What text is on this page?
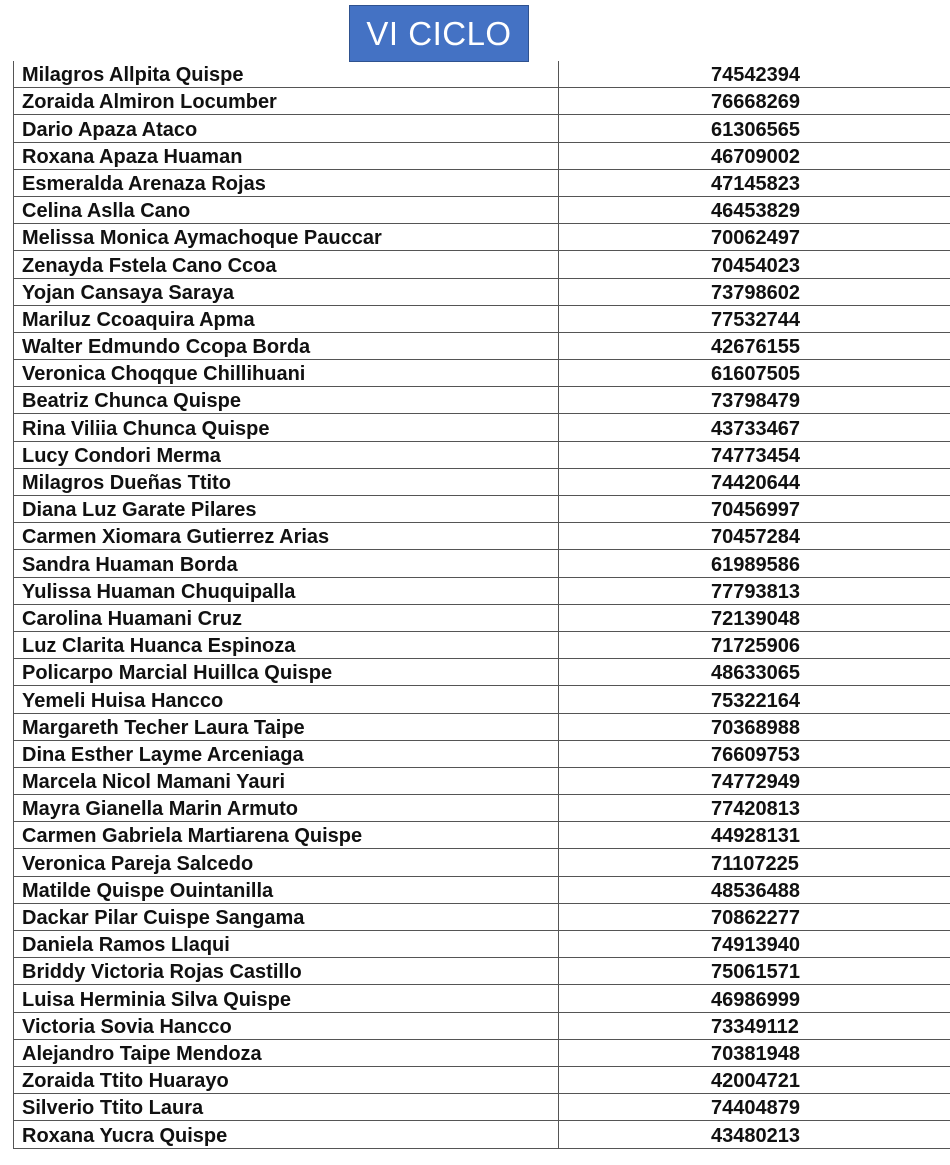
VI CICLO
Milagros Allpita Quispe	74542394
Zoraida Almiron Locumber	76668269
Dario Apaza Ataco	61306565
Roxana Apaza Huaman	46709002
Esmeralda Arenaza Rojas	47145823
Celina Aslla Cano	46453829
Melissa Monica Aymachoque Pauccar	70062497
Zenayda Fstela Cano Ccoa	70454023
Yojan Cansaya Saraya	73798602
Mariluz Ccoaquira Apma	77532744
Walter Edmundo Ccopa Borda	42676155
Veronica Choqque Chillihuani	61607505
Beatriz Chunca Quispe	73798479
Rina Viliia Chunca Quispe	43733467
Lucy Condori Merma	74773454
Milagros Dueñas Ttito	74420644
Diana Luz Garate Pilares	70456997
Carmen Xiomara Gutierrez Arias	70457284
Sandra Huaman Borda	61989586
Yulissa Huaman Chuquipalla	77793813
Carolina Huamani Cruz	72139048
Luz Clarita Huanca Espinoza	71725906
Policarpo Marcial Huillca Quispe	48633065
Yemeli Huisa Hancco	75322164
Margareth Techer Laura Taipe	70368988
Dina Esther Layme Arceniaga	76609753
Marcela Nicol Mamani Yauri	74772949
Mayra Gianella Marin Armuto	77420813
Carmen Gabriela Martiarena Quispe	44928131
Veronica Pareja Salcedo	71107225
Matilde Quispe Ouintanilla	48536488
Dackar Pilar Cuispe Sangama	70862277
Daniela Ramos Llaqui	74913940
Briddy Victoria Rojas Castillo	75061571
Luisa Herminia Silva Quispe	46986999
Victoria Sovia Hancco	73349112
Alejandro Taipe Mendoza	70381948
Zoraida Ttito Huarayo	42004721
Silverio Ttito Laura	74404879
Roxana Yucra Quispe	43480213
